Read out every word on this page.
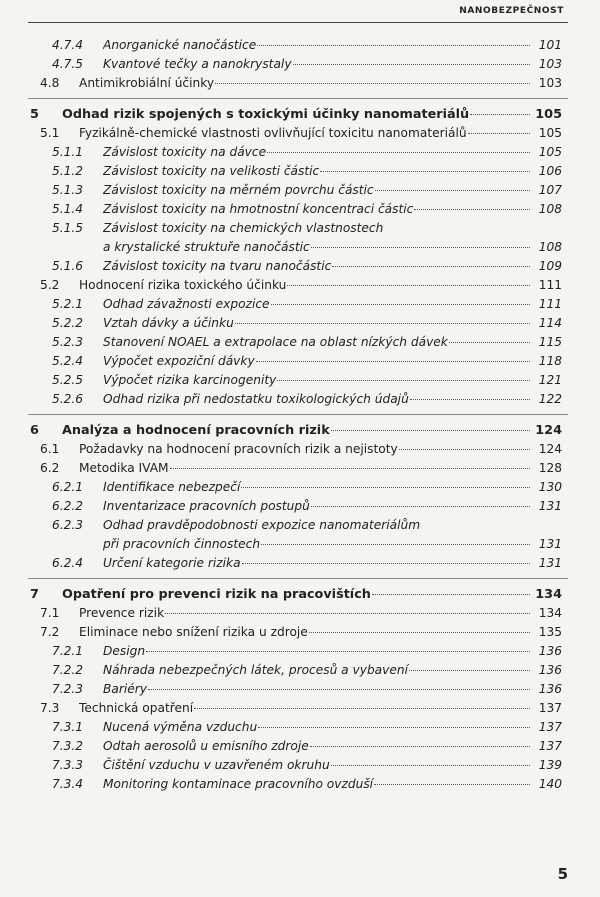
NANOBEZPEČNOST
4.7.4 Anorganické nanočástice	101
4.7.5 Kvantové tečky a nanokrystaly	103
4.8 Antimikrobiální účinky	103
5 Odhad rizik spojených s toxickými účinky nanomateriálů	105
5.1 Fyzikálně-chemické vlastnosti ovlivňující toxicitu nanomateriálů	105
5.1.1 Závislost toxicity na dávce	105
5.1.2 Závislost toxicity na velikosti částic	106
5.1.3 Závislost toxicity na měrném povrchu částic	107
5.1.4 Závislost toxicity na hmotnostní koncentraci částic	108
5.1.5 Závislost toxicity na chemických vlastnostech
a krystalické struktuře nanočástic	108
5.1.6 Závislost toxicity na tvaru nanočástic	109
5.2 Hodnocení rizika toxického účinku	111
5.2.1 Odhad závažnosti expozice	111
5.2.2 Vztah dávky a účinku	114
5.2.3 Stanovení NOAEL a extrapolace na oblast nízkých dávek	115
5.2.4 Výpočet expoziční dávky	118
5.2.5 Výpočet rizika karcinogenity	121
5.2.6 Odhad rizika při nedostatku toxikologických údajů	122
6 Analýza a hodnocení pracovních rizik	124
6.1 Požadavky na hodnocení pracovních rizik a nejistoty	124
6.2 Metodika IVAM	128
6.2.1 Identifikace nebezpečí	130
6.2.2 Inventarizace pracovních postupů	131
6.2.3 Odhad pravděpodobnosti expozice nanomateriálům
při pracovních činnostech	131
6.2.4 Určení kategorie rizika	131
7 Opatření pro prevenci rizik na pracovištích	134
7.1 Prevence rizik	134
7.2 Eliminace nebo snížení rizika u zdroje	135
7.2.1 Design	136
7.2.2 Náhrada nebezpečných látek, procesů a vybavení	136
7.2.3 Bariéry	136
7.3 Technická opatření	137
7.3.1 Nucená výměna vzduchu	137
7.3.2 Odtah aerosolů u emisního zdroje	137
7.3.3 Čištění vzduchu v uzavřeném okruhu	139
7.3.4 Monitoring kontaminace pracovního ovzduší	140
5
